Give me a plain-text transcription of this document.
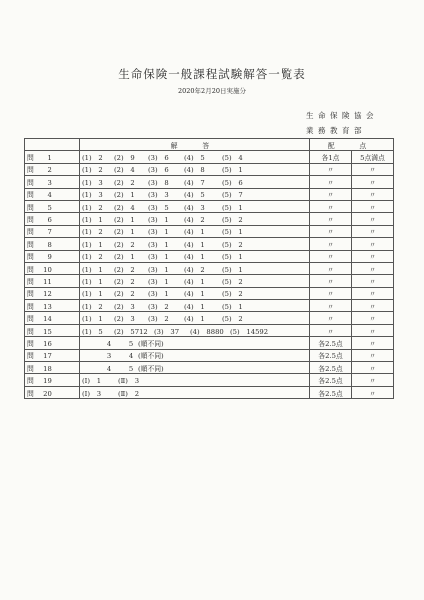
生命保険一般課程試験解答一覧表
2020年2月20日実施分
生命保険協会
業務教育部
	解　答	配　点	
問 1	(1)　2 (2)　9 (3)　6 (4)　5 (5)　4	各1点	5点満点
問 2	(1)　2 (2)　4 (3)　6 (4)　8 (5)　1	〃	〃
問 3	(1)　3 (2)　2 (3)　8 (4)　7 (5)　6	〃	〃
問 4	(1)　3 (2)　1 (3)　3 (4)　5 (5)　7	〃	〃
問 5	(1)　2 (2)　4 (3)　5 (4)　3 (5)　1	〃	〃
問 6	(1)　1 (2)　1 (3)　1 (4)　2 (5)　2	〃	〃
問 7	(1)　2 (2)　1 (3)　1 (4)　1 (5)　1	〃	〃
問 8	(1)　1 (2)　2 (3)　1 (4)　1 (5)　2	〃	〃
問 9	(1)　2 (2)　1 (3)　1 (4)　1 (5)　1	〃	〃
問 10	(1)　1 (2)　2 (3)　1 (4)　2 (5)　1	〃	〃
問 11	(1)　1 (2)　2 (3)　1 (4)　1 (5)　2	〃	〃
問 12	(1)　1 (2)　2 (3)　1 (4)　1 (5)　2	〃	〃
問 13	(1)　2 (2)　3 (3)　2 (4)　1 (5)　1	〃	〃
問 14	(1)　1 (2)　3 (3)　2 (4)　1 (5)　2	〃	〃
問 15	(1)　5 (2)　5712 (3)　37 (4)　8880 (5)　14592	〃	〃
問 16	4 5 (順不同)	各2.5点	〃
問 17	3 4 (順不同)	各2.5点	〃
問 18	4 5 (順不同)	各2.5点	〃
問 19	(Ⅰ)　1 (Ⅱ)　3	各2.5点	〃
問 20	(Ⅰ)　3 (Ⅱ)　2	各2.5点	〃
